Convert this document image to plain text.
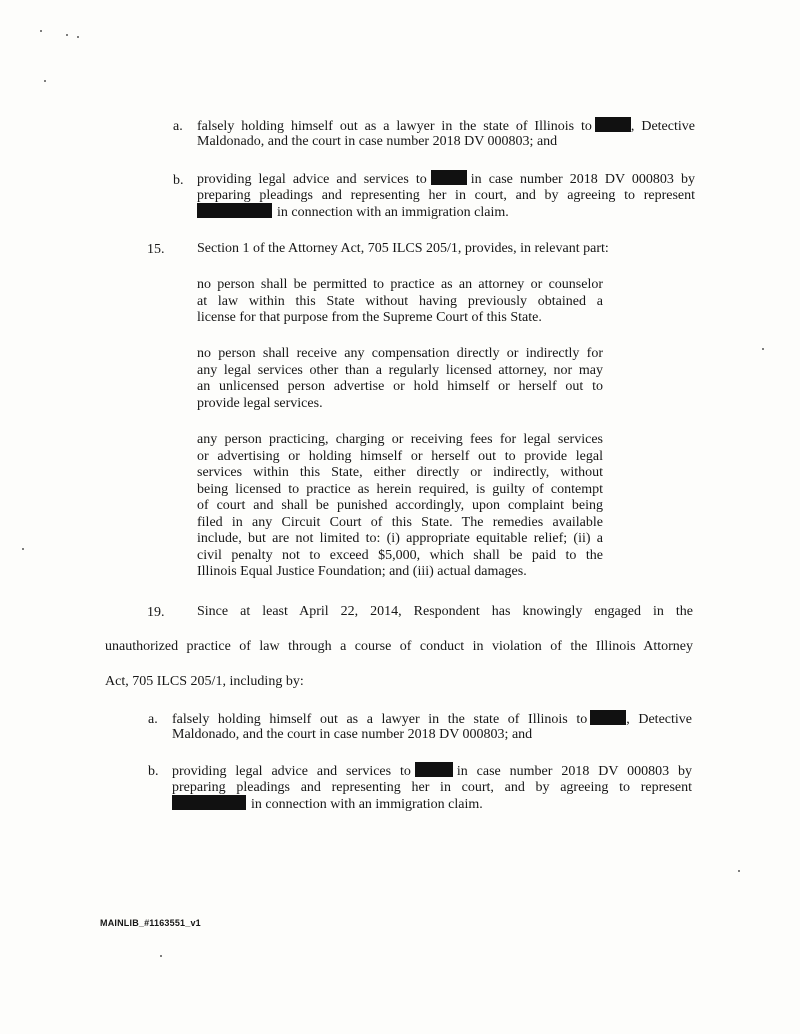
a. falsely holding himself out as a lawyer in the state of Illinois to	, Detective
Maldonado, and the court in case number 2018 DV 000803; and
b. providing legal advice and services to	in case number 2018 DV 000803 by
preparing pleadings and representing her in court, and by agreeing to represent
in connection with an immigration claim.
15. Section 1 of the Attorney Act, 705 ILCS 205/1, provides, in relevant part:
no person shall be permitted to practice as an attorney or counselor
at law within this State without having previously obtained a
license for that purpose from the Supreme Court of this State.
no person shall receive any compensation directly or indirectly for
any legal services other than a regularly licensed attorney, nor may
an unlicensed person advertise or hold himself or herself out to
provide legal services.
any person practicing, charging or receiving fees for legal services
or advertising or holding himself or herself out to provide legal
services within this State, either directly or indirectly, without
being licensed to practice as herein required, is guilty of contempt
of court and shall be punished accordingly, upon complaint being
filed in any Circuit Court of this State. The remedies available
include, but are not limited to: (i) appropriate equitable relief; (ii) a
civil penalty not to exceed $5,000, which shall be paid to the
Illinois Equal Justice Foundation; and (iii) actual damages.
19. Since at least April 22, 2014, Respondent has knowingly engaged in the
unauthorized practice of law through a course of conduct in violation of the Illinois Attorney
Act, 705 ILCS 205/1, including by:
a. falsely holding himself out as a lawyer in the state of Illinois to	, Detective
Maldonado, and the court in case number 2018 DV 000803; and
b. providing legal advice and services to	in case number 2018 DV 000803 by
preparing pleadings and representing her in court, and by agreeing to represent
in connection with an immigration claim.
MAINLIB_#1163551_v1
